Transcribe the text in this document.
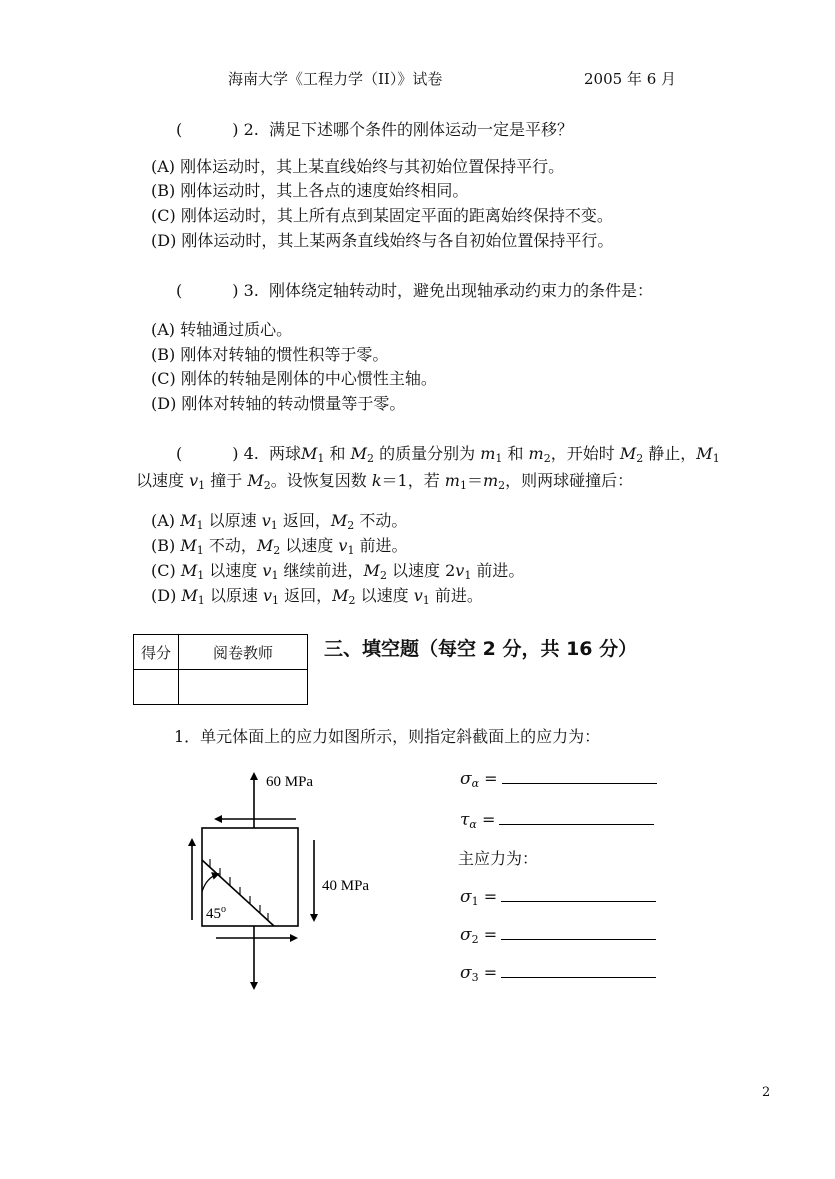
海南大学《工程力学（II）》试卷	2005 年 6 月
(	) 2. 满足下述哪个条件的刚体运动一定是平移？
(A) 刚体运动时，其上某直线始终与其初始位置保持平行。
(B) 刚体运动时，其上各点的速度始终相同。
(C) 刚体运动时，其上所有点到某固定平面的距离始终保持不变。
(D) 刚体运动时，其上某两条直线始终与各自初始位置保持平行。
(	) 3. 刚体绕定轴转动时，避免出现轴承动约束力的条件是：
(A) 转轴通过质心。
(B) 刚体对转轴的惯性积等于零。
(C) 刚体的转轴是刚体的中心惯性主轴。
(D) 刚体对转轴的转动惯量等于零。
(	) 4. 两球$M_1$ 和 $M_2$ 的质量分别为 $m_1$ 和 $m_2$，开始时 $M_2$ 静止，$M_1$
以速度 $v_1$ 撞于 $M_2$。设恢复因数 k＝1，若 $m_1=m_2$，则两球碰撞后：
(A) $M_1$ 以原速 $v_1$ 返回，$M_2$ 不动。
(B) $M_1$ 不动，$M_2$ 以速度 $v_1$ 前进。
(C) $M_1$ 以速度 $v_1$ 继续前进，$M_2$ 以速度 $2v_1$ 前进。
(D) $M_1$ 以原速 $v_1$ 返回，$M_2$ 以速度 $v_1$ 前进。
得分	阅卷教师
		三、填空题（每空 2 分，共 16 分）
1．单元体面上的应力如图所示，则指定斜截面上的应力为：
60 MPa
40 MPa
45$^o$
$\sigma_\alpha$ =
$\tau_\alpha$ =
主应力为：
$\sigma_1$ =
$\sigma_2$ =
$\sigma_3$ =
2
